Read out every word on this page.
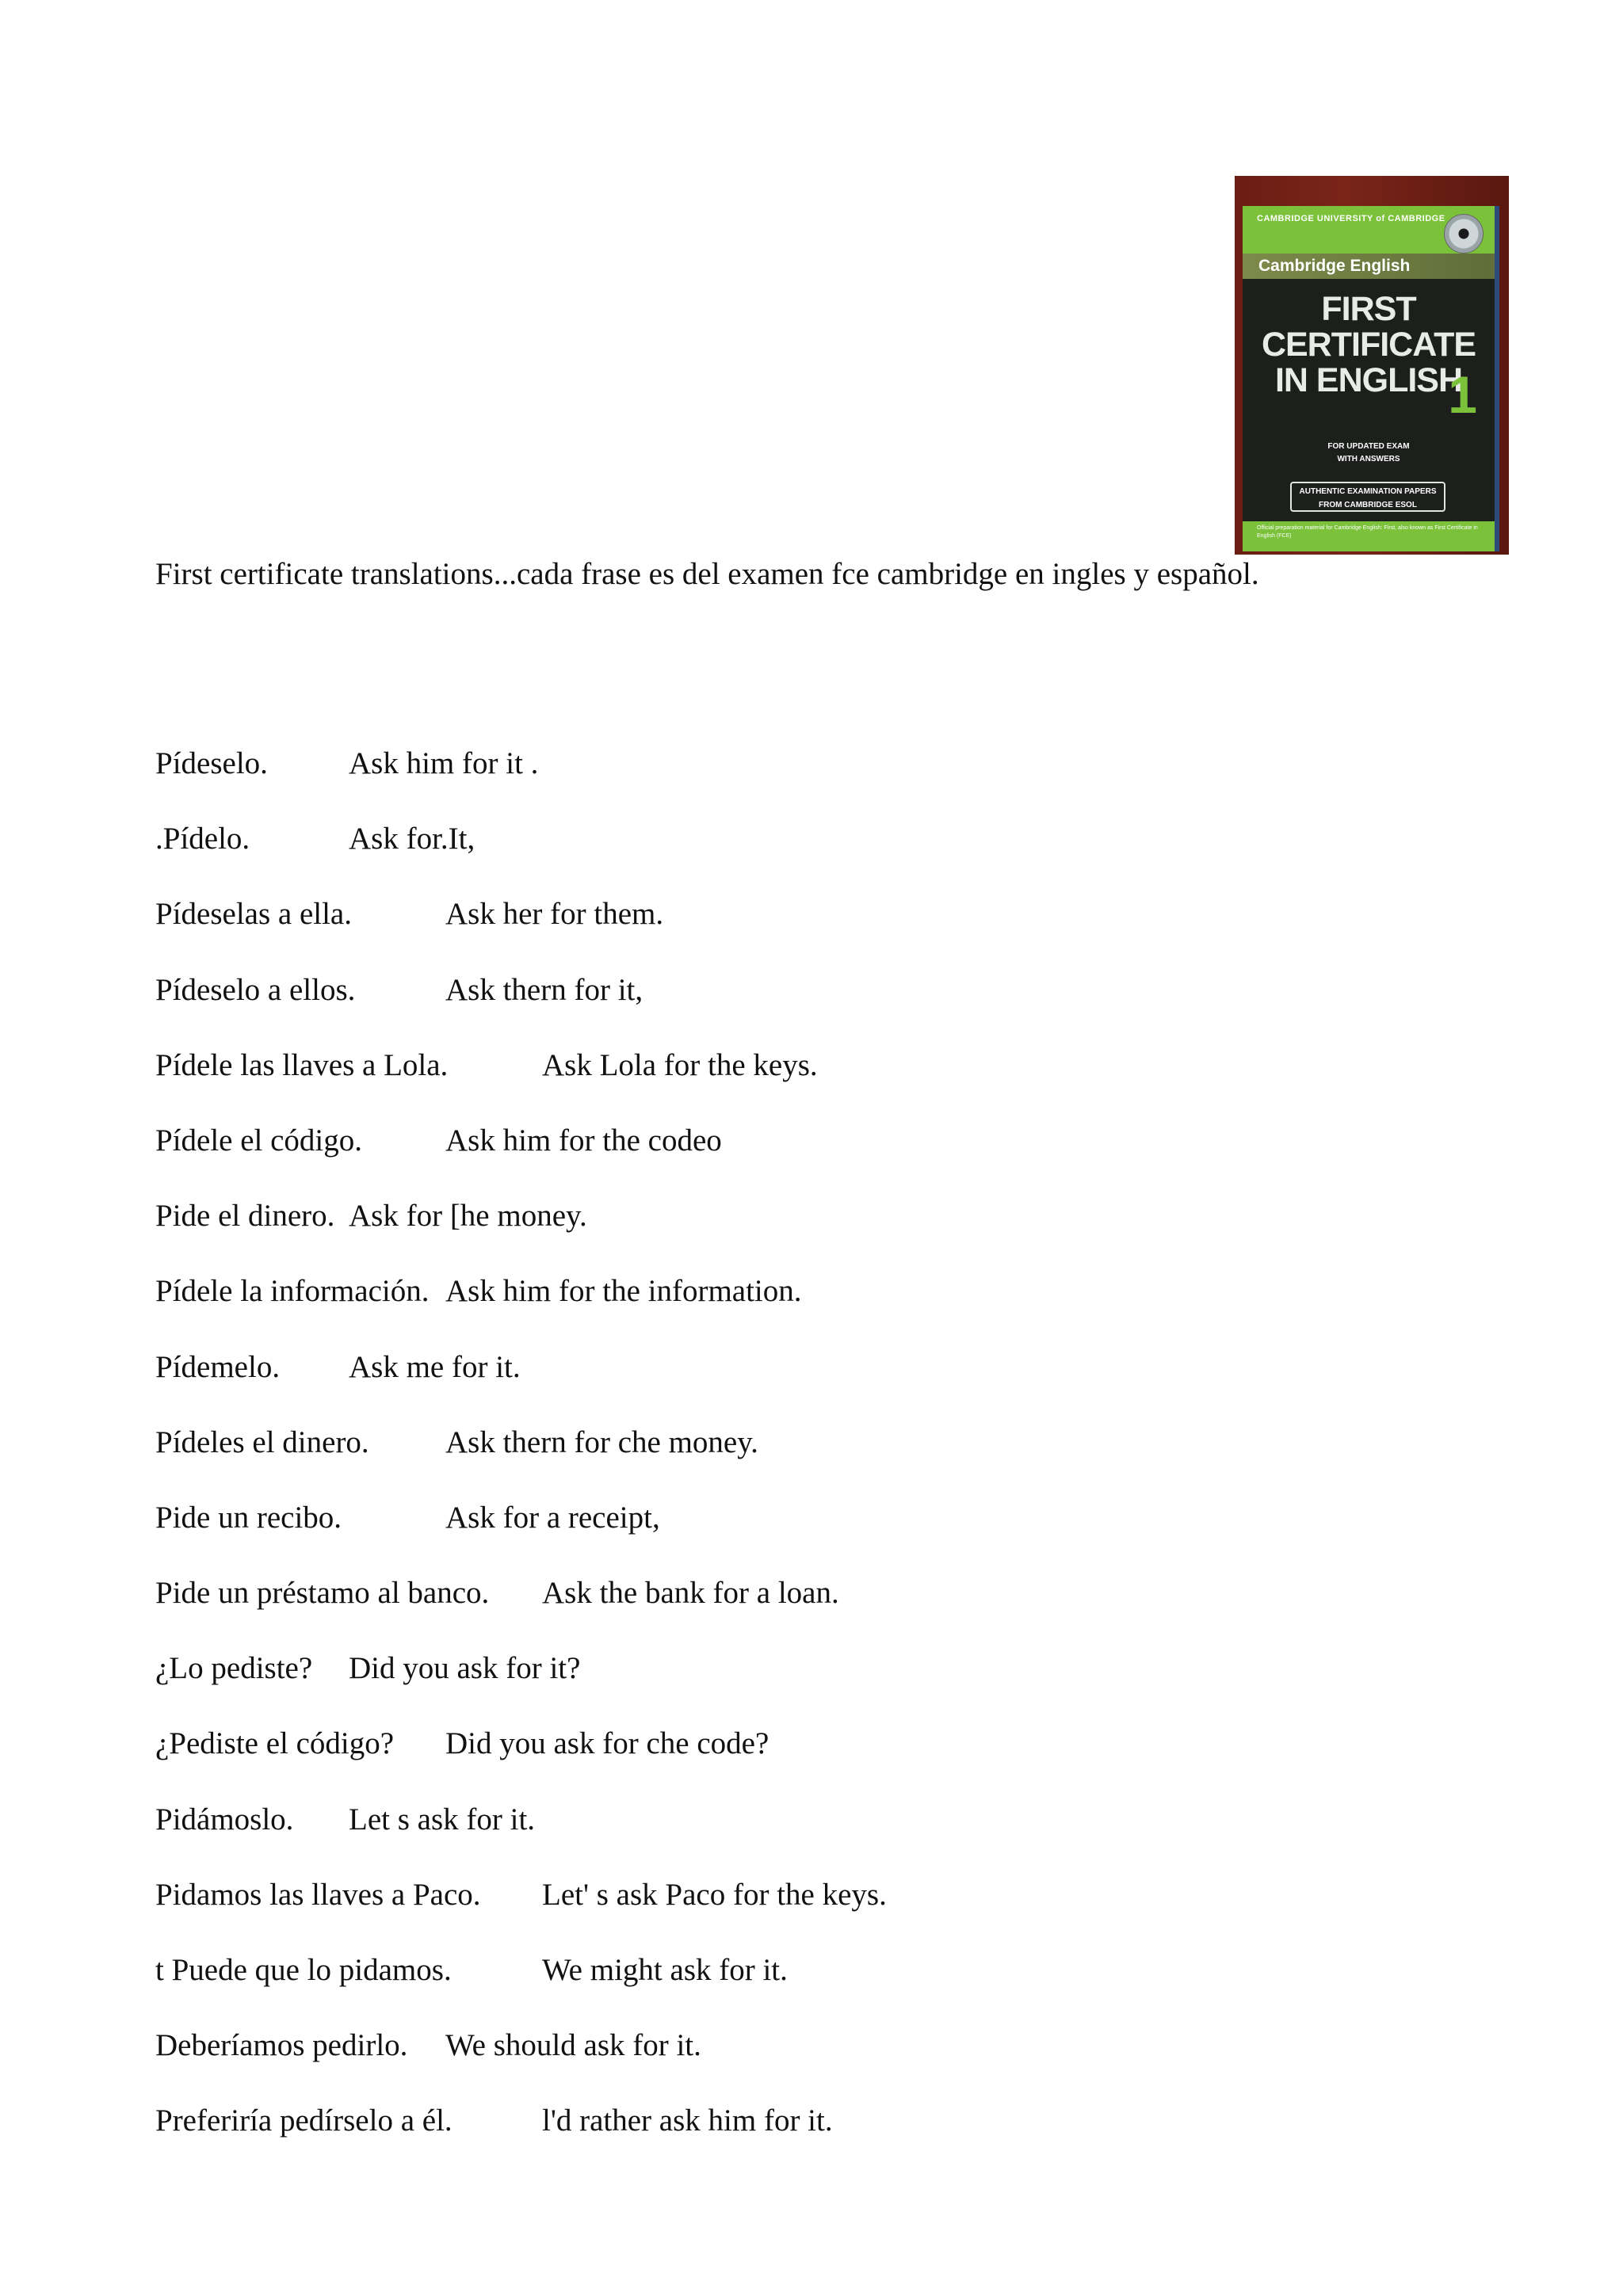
CAMBRIDGE UNIVERSITY of CAMBRIDGE
Cambridge English
FIRST
CERTIFICATE
IN ENGLISH
1
FOR UPDATED EXAM
WITH ANSWERS
AUTHENTIC EXAMINATION PAPERS
FROM CAMBRIDGE ESOL
Official preparation material for Cambridge English: First, also known as First Certificate in English (FCE)
First certificate translations...cada frase es del examen fce cambridge en ingles y español.
Pídeselo.	Ask him for it .
.Pídelo.	Ask for.It,
Pídeselas a ella.	Ask her for them.
Pídeselo a ellos.	Ask thern for it,
Pídele las llaves a Lola.	Ask Lola for the keys.
Pídele el código.	Ask him for the codeo
Pide el dinero. Ask for [he money.
Pídele la información. Ask him for the information.
Pídemelo. Ask me for it.
Pídeles el dinero. Ask thern for che money.
Pide un recibo.	Ask for a receipt,
Pide un préstamo al banco. Ask the bank for a loan.
¿Lo pediste? Did you ask for it?
¿Pediste el código? Did you ask for che code?
Pidámoslo. Let s ask for it.
Pidamos las llaves a Paco. Let' s ask Paco for the keys.
t Puede que lo pidamos.	We might ask for it.
Deberíamos pedirlo. We should ask for it.
Preferiría pedírselo a él.	l'd rather ask him for it.
